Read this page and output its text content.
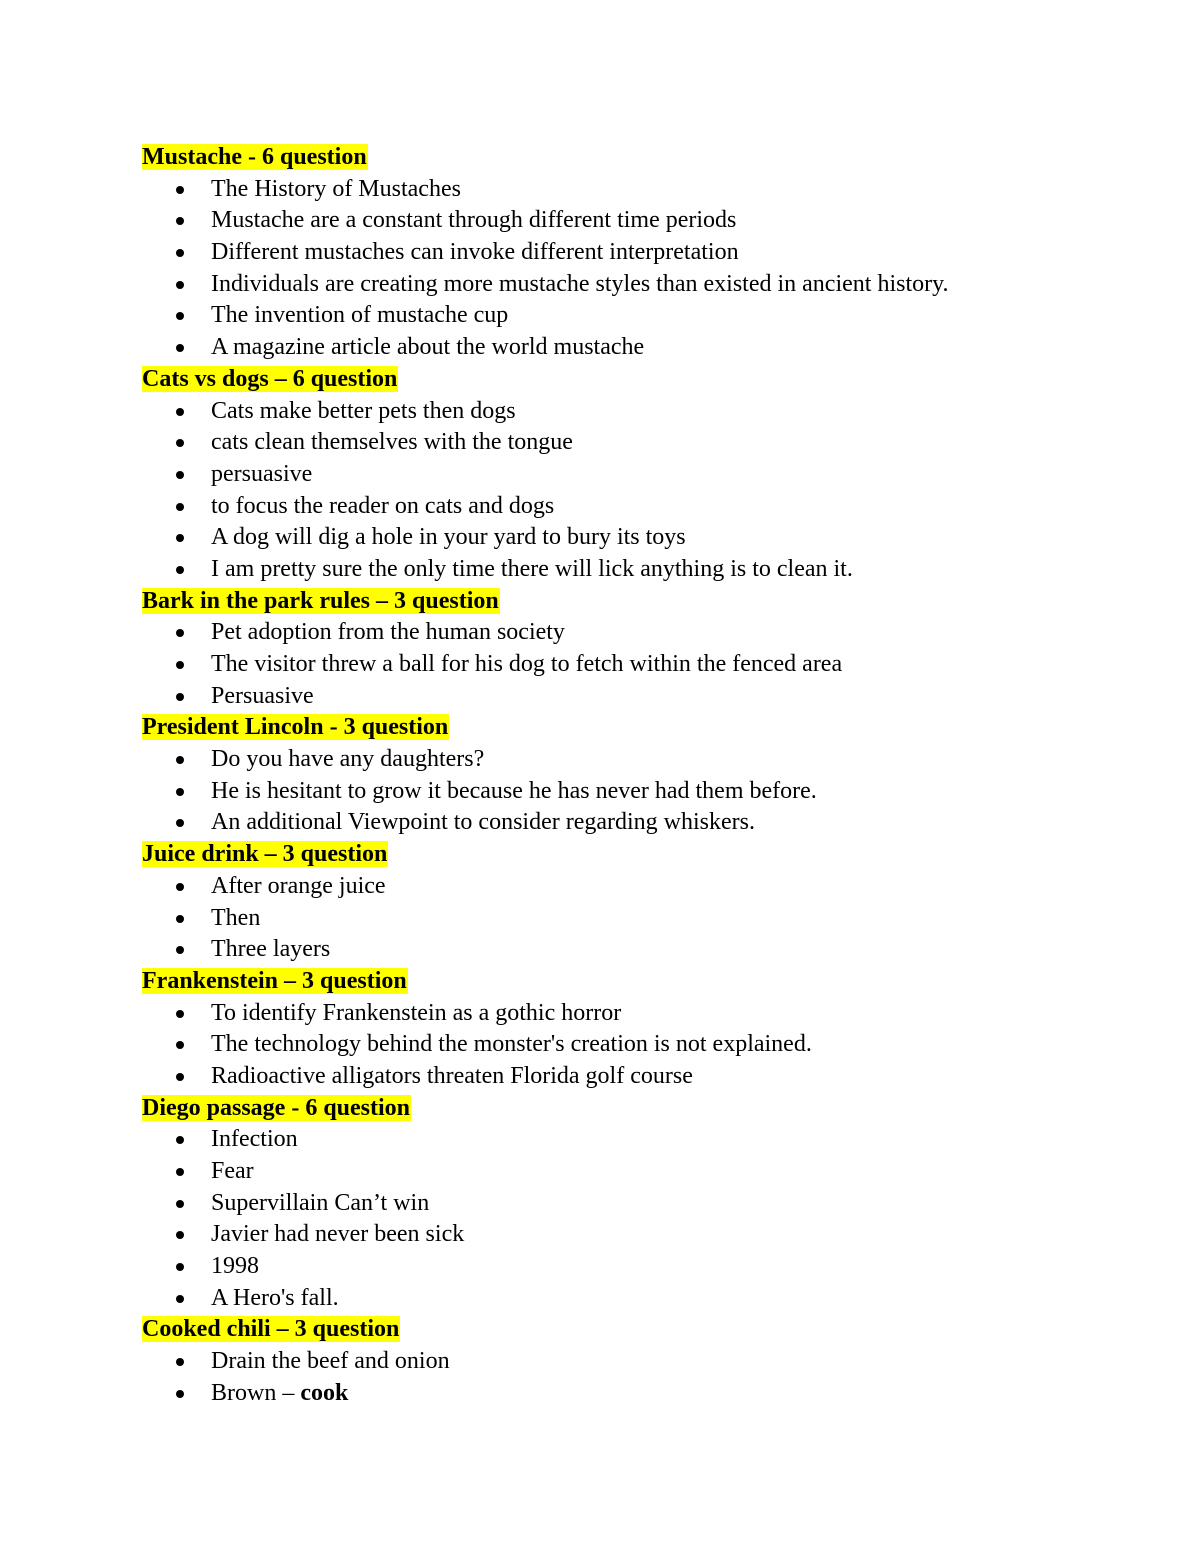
Mustache - 6 question
The History of Mustaches
Mustache are a constant through different time periods
Different mustaches can invoke different interpretation
Individuals are creating more mustache styles than existed in ancient history.
The invention of mustache cup
A magazine article about the world mustache
Cats vs dogs – 6 question
Cats make better pets then dogs
cats clean themselves with the tongue
persuasive
to focus the reader on cats and dogs
A dog will dig a hole in your yard to bury its toys
I am pretty sure the only time there will lick anything is to clean it.
Bark in the park rules – 3 question
Pet adoption from the human society
The visitor threw a ball for his dog to fetch within the fenced area
Persuasive
President Lincoln - 3 question
Do you have any daughters?
He is hesitant to grow it because he has never had them before.
An additional Viewpoint to consider regarding whiskers.
Juice drink – 3 question
After orange juice
Then
Three layers
Frankenstein – 3 question
To identify Frankenstein as a gothic horror
The technology behind the monster's creation is not explained.
Radioactive alligators threaten Florida golf course
Diego passage - 6 question
Infection
Fear
Supervillain Can’t win
Javier had never been sick
1998
A Hero's fall.
Cooked chili – 3 question
Drain the beef and onion
Brown – cook
